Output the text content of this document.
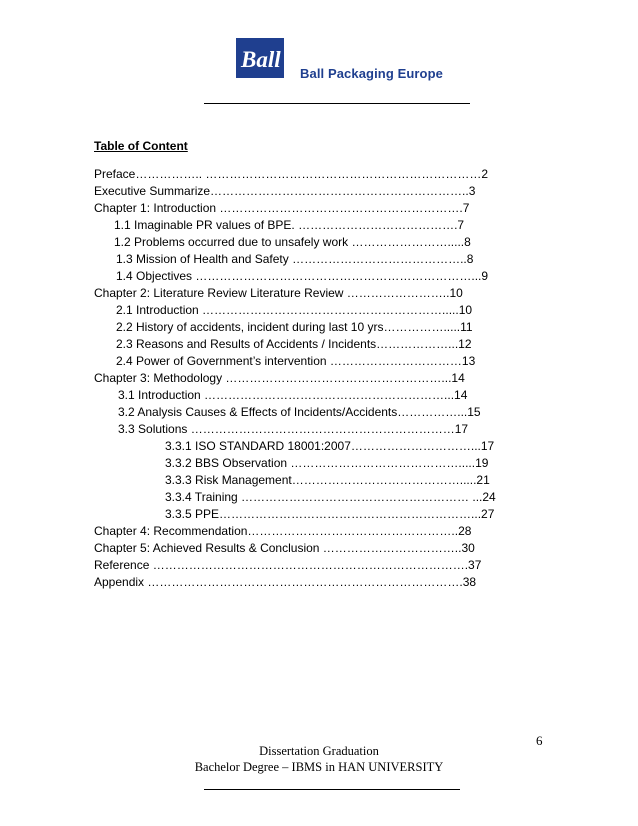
Ball
Ball Packaging Europe
Table of Content
Preface…………….. ……………………………………………………………2
Executive Summarize………………………………………………………..3
Chapter 1: Introduction …………………………………………………….7
1.1 Imaginable PR values of BPE. ………………………………….7
1.2 Problems occurred due to unsafely work …………………….....8
1.3 Mission of Health and Safety ……………………………………..8
1.4 Objectives ……………………………………………………………...9
Chapter 2: Literature Review Literature Review ……………………..10
2.1 Introduction …………………………………………………….....10
2.2 History of accidents, incident during last 10 yrs…………….....11
2.3 Reasons and Results of Accidents / Incidents………………...12
2.4 Power of Government’s intervention ……………………………13
Chapter 3: Methodology ………………………………………………...14
3.1 Introduction ……………………………………………………...14
3.2 Analysis Causes & Effects of Incidents/Accidents……………...15
3.3 Solutions …………………………………………………………17
3.3.1 ISO STANDARD 18001:2007…………………………...17
3.3.2 BBS Observation …………………………………….....19
3.3.3 Risk Management…………………………………….....21
3.3.4 Training ………………………………………………… ...24
3.3.5 PPE………………………………………………………...27
Chapter 4: Recommendation……………………………………………..28
Chapter 5: Achieved Results & Conclusion ……………………………..30
Reference …………………………………………………………………….37
Appendix …………………………………………………………………….38
6
Dissertation Graduation
Bachelor Degree – IBMS in HAN UNIVERSITY
